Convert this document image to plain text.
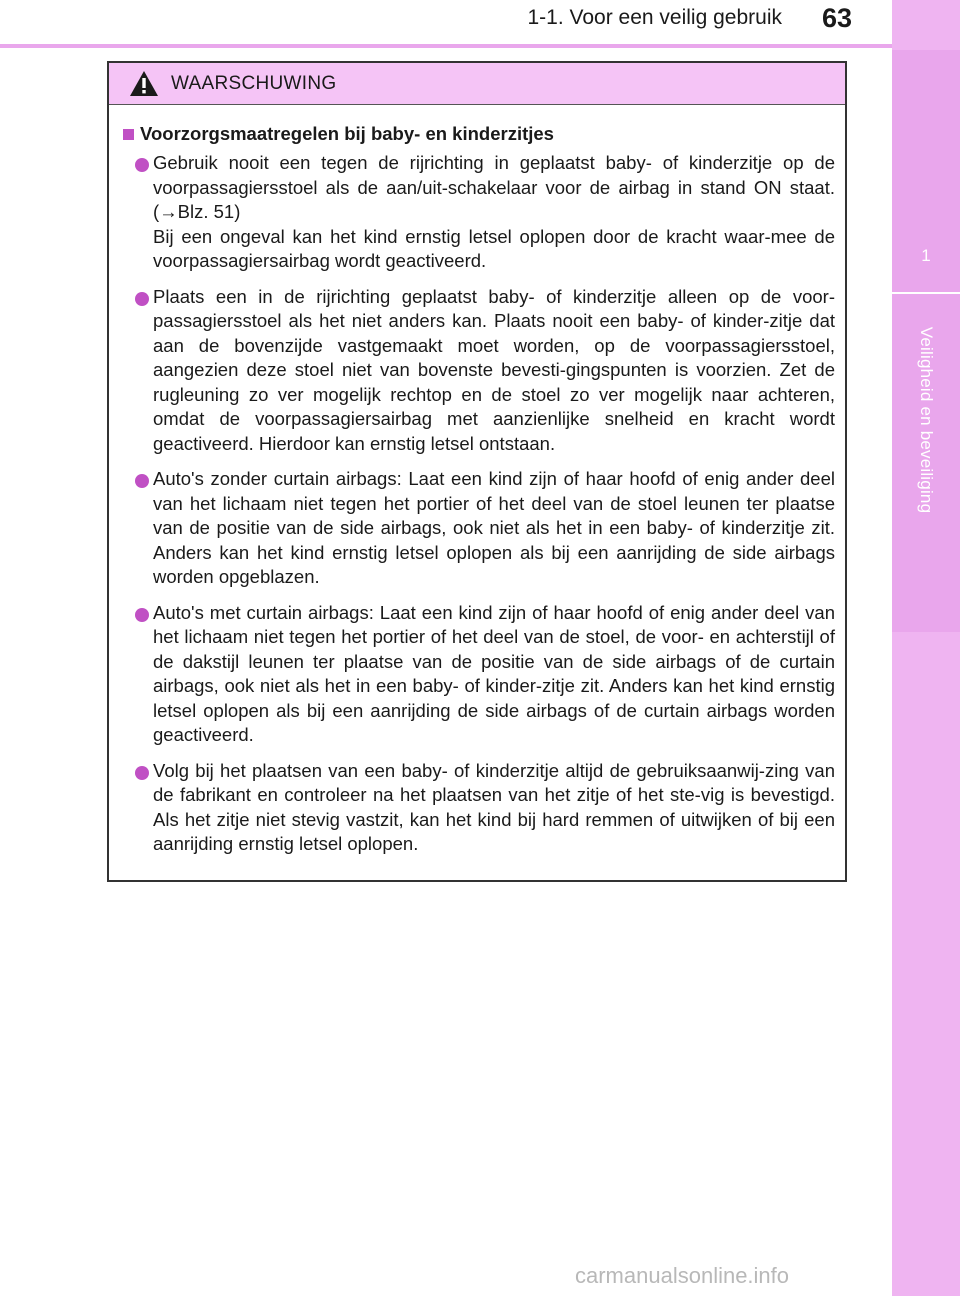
1-1. Voor een veilig gebruik 63
1
Veiligheid en beveiliging
WAARSCHUWING
Voorzorgsmaatregelen bij baby- en kinderzitjes

Gebruik nooit een tegen de rijrichting in geplaatst baby- of kinderzitje op de voorpassagiersstoel als de aan/uit-schakelaar voor de airbag in stand ON staat. (→Blz. 51)

Bij een ongeval kan het kind ernstig letsel oplopen door de kracht waar-mee de voorpassagiersairbag wordt geactiveerd.

Plaats een in de rijrichting geplaatst baby- of kinderzitje alleen op de voor-passagiersstoel als het niet anders kan. Plaats nooit een baby- of kinder-zitje dat aan de bovenzijde vastgemaakt moet worden, op de voorpassagiersstoel, aangezien deze stoel niet van bovenste bevesti-gingspunten is voorzien. Zet de rugleuning zo ver mogelijk rechtop en de stoel zo ver mogelijk naar achteren, omdat de voorpassagiersairbag met aanzienlijke snelheid en kracht wordt geactiveerd. Hierdoor kan ernstig letsel ontstaan.

Auto's zonder curtain airbags: Laat een kind zijn of haar hoofd of enig ander deel van het lichaam niet tegen het portier of het deel van de stoel leunen ter plaatse van de positie van de side airbags, ook niet als het in een baby- of kinderzitje zit. Anders kan het kind ernstig letsel oplopen als bij een aanrijding de side airbags worden opgeblazen.

Auto's met curtain airbags: Laat een kind zijn of haar hoofd of enig ander deel van het lichaam niet tegen het portier of het deel van de stoel, de voor- en achterstijl of de dakstijl leunen ter plaatse van de positie van de side airbags of de curtain airbags, ook niet als het in een baby- of kinder-zitje zit. Anders kan het kind ernstig letsel oplopen als bij een aanrijding de side airbags of de curtain airbags worden geactiveerd.

Volg bij het plaatsen van een baby- of kinderzitje altijd de gebruiksaanwij-zing van de fabrikant en controleer na het plaatsen van het zitje of het ste-vig is bevestigd. Als het zitje niet stevig vastzit, kan het kind bij hard remmen of uitwijken of bij een aanrijding ernstig letsel oplopen.

carmanualsonline.info
